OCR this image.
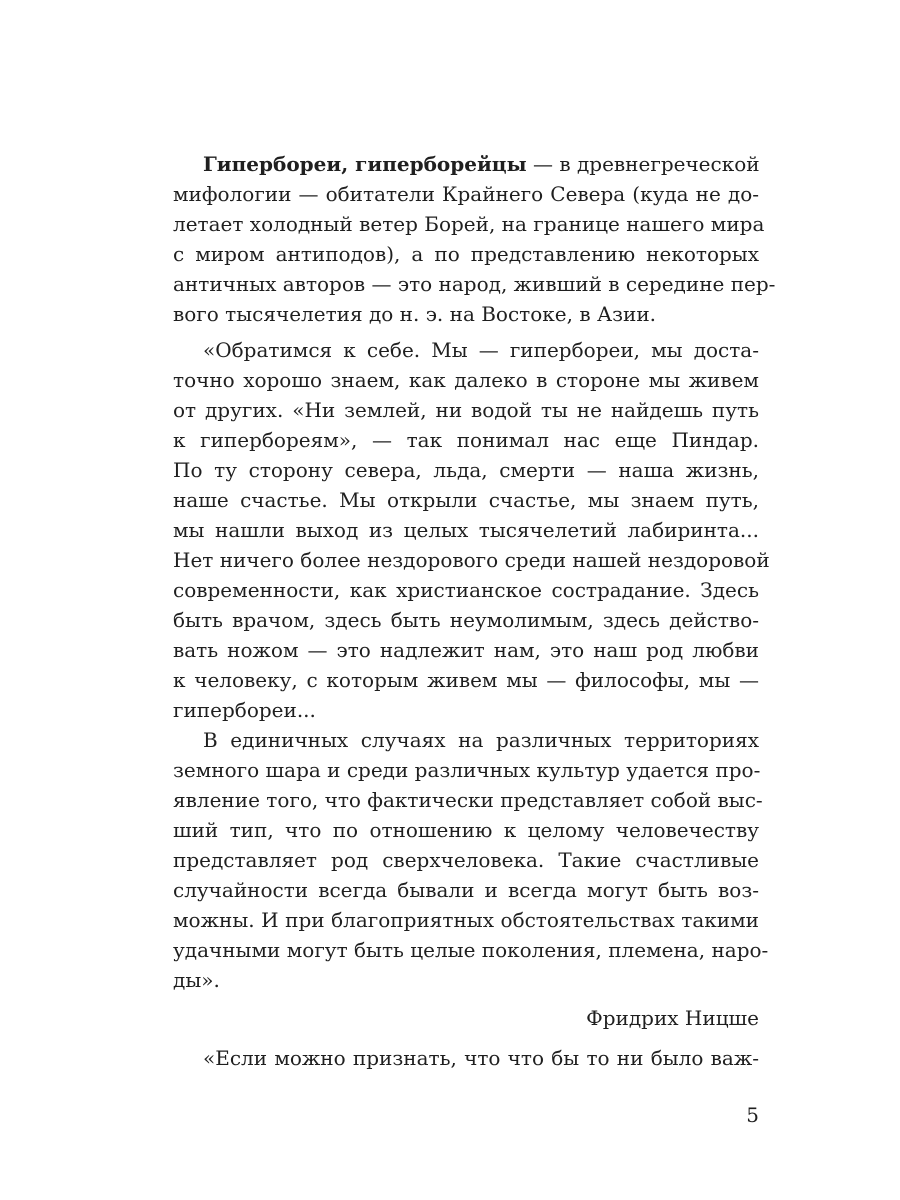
Гипербореи, гиперборейцы — в древнегреческой
мифологии — обитатели Крайнего Севера (куда не до-
летает холодный ветер Борей, на границе нашего мира
с миром антиподов), а по представлению некоторых
античных авторов — это народ, живший в середине пер-
вого тысячелетия до н. э. на Востоке, в Азии.
«Обратимся к себе. Мы — гипербореи, мы доста-
точно хорошо знаем, как далеко в стороне мы живем
от других. «Ни землей, ни водой ты не найдешь путь
к гипербореям», — так понимал нас еще Пиндар.
По ту сторону севера, льда, смерти — наша жизнь,
наше счастье. Мы открыли счастье, мы знаем путь,
мы нашли выход из целых тысячелетий лабиринта...
Нет ничего более нездорового среди нашей нездоровой
современности, как христианское сострадание. Здесь
быть врачом, здесь быть неумолимым, здесь действо-
вать ножом — это надлежит нам, это наш род любви
к человеку, с которым живем мы — философы, мы —
гипербореи...
В единичных случаях на различных территориях
земного шара и среди различных культур удается про-
явление того, что фактически представляет собой выс-
ший тип, что по отношению к целому человечеству
представляет род сверхчеловека. Такие счастливые
случайности всегда бывали и всегда могут быть воз-
можны. И при благоприятных обстоятельствах такими
удачными могут быть целые поколения, племена, наро-
ды».
Фридрих Ницше
«Если можно признать, что что бы то ни было важ-
5
